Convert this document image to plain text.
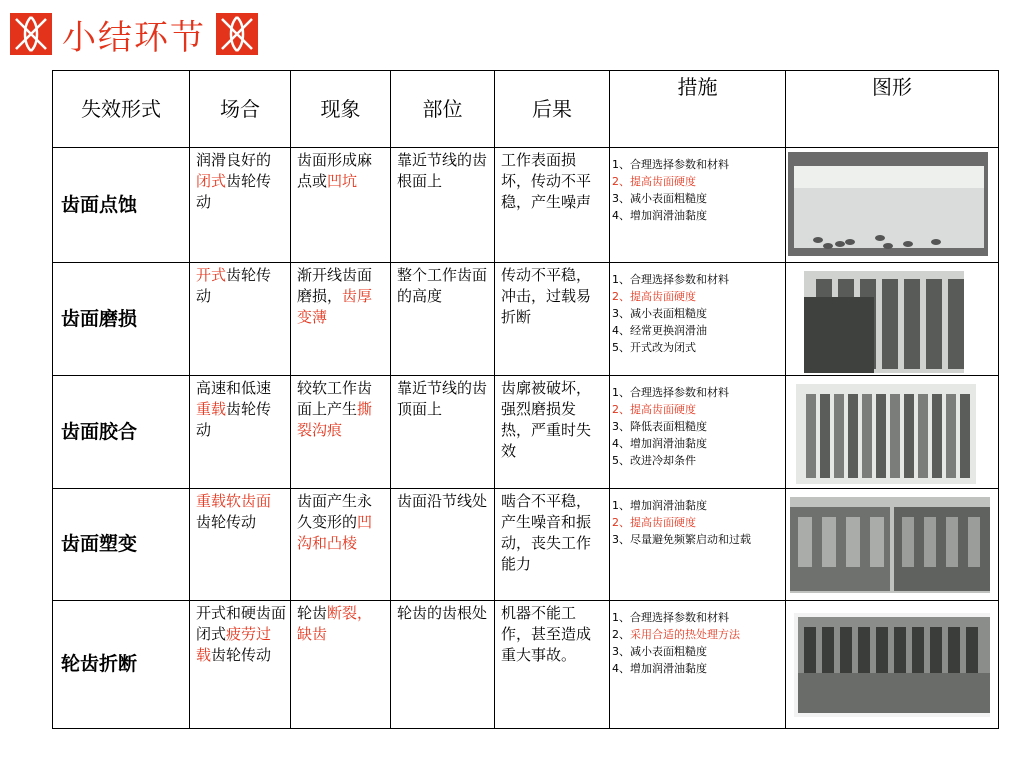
小结环节
失效形式	场合	现象	部位	后果	措施	图形
齿面点蚀	润滑良好的闭式齿轮传动	齿面形成麻点或凹坑	靠近节线的齿根面上	工作表面损坏，传动不平稳，产生噪声	1、合理选择参数和材料
2、提高齿面硬度
3、减小表面粗糙度
4、增加润滑油黏度

齿面磨损	开式齿轮传动	渐开线齿面磨损，齿厚变薄	整个工作齿面的高度	传动不平稳，冲击，过载易折断	1、合理选择参数和材料
2、提高齿面硬度
3、减小表面粗糙度
4、经常更换润滑油
5、开式改为闭式

齿面胶合	高速和低速重载齿轮传动	较软工作齿面上产生撕裂沟痕	靠近节线的齿顶面上	齿廓被破坏，强烈磨损发热，严重时失效	1、合理选择参数和材料
2、提高齿面硬度
3、降低表面粗糙度
4、增加润滑油黏度
5、改进冷却条件

齿面塑变	重载软齿面齿轮传动	齿面产生永久变形的凹沟和凸棱	齿面沿节线处	啮合不平稳，产生噪音和振动，丧失工作能力	1、增加润滑油黏度
2、提高齿面硬度
3、尽量避免频繁启动和过载

轮齿折断	开式和硬齿面闭式疲劳过载齿轮传动	轮齿断裂，缺齿	轮齿的齿根处	机器不能工作，甚至造成重大事故。	1、合理选择参数和材料
2、采用合适的热处理方法
3、减小表面粗糙度
4、增加润滑油黏度
